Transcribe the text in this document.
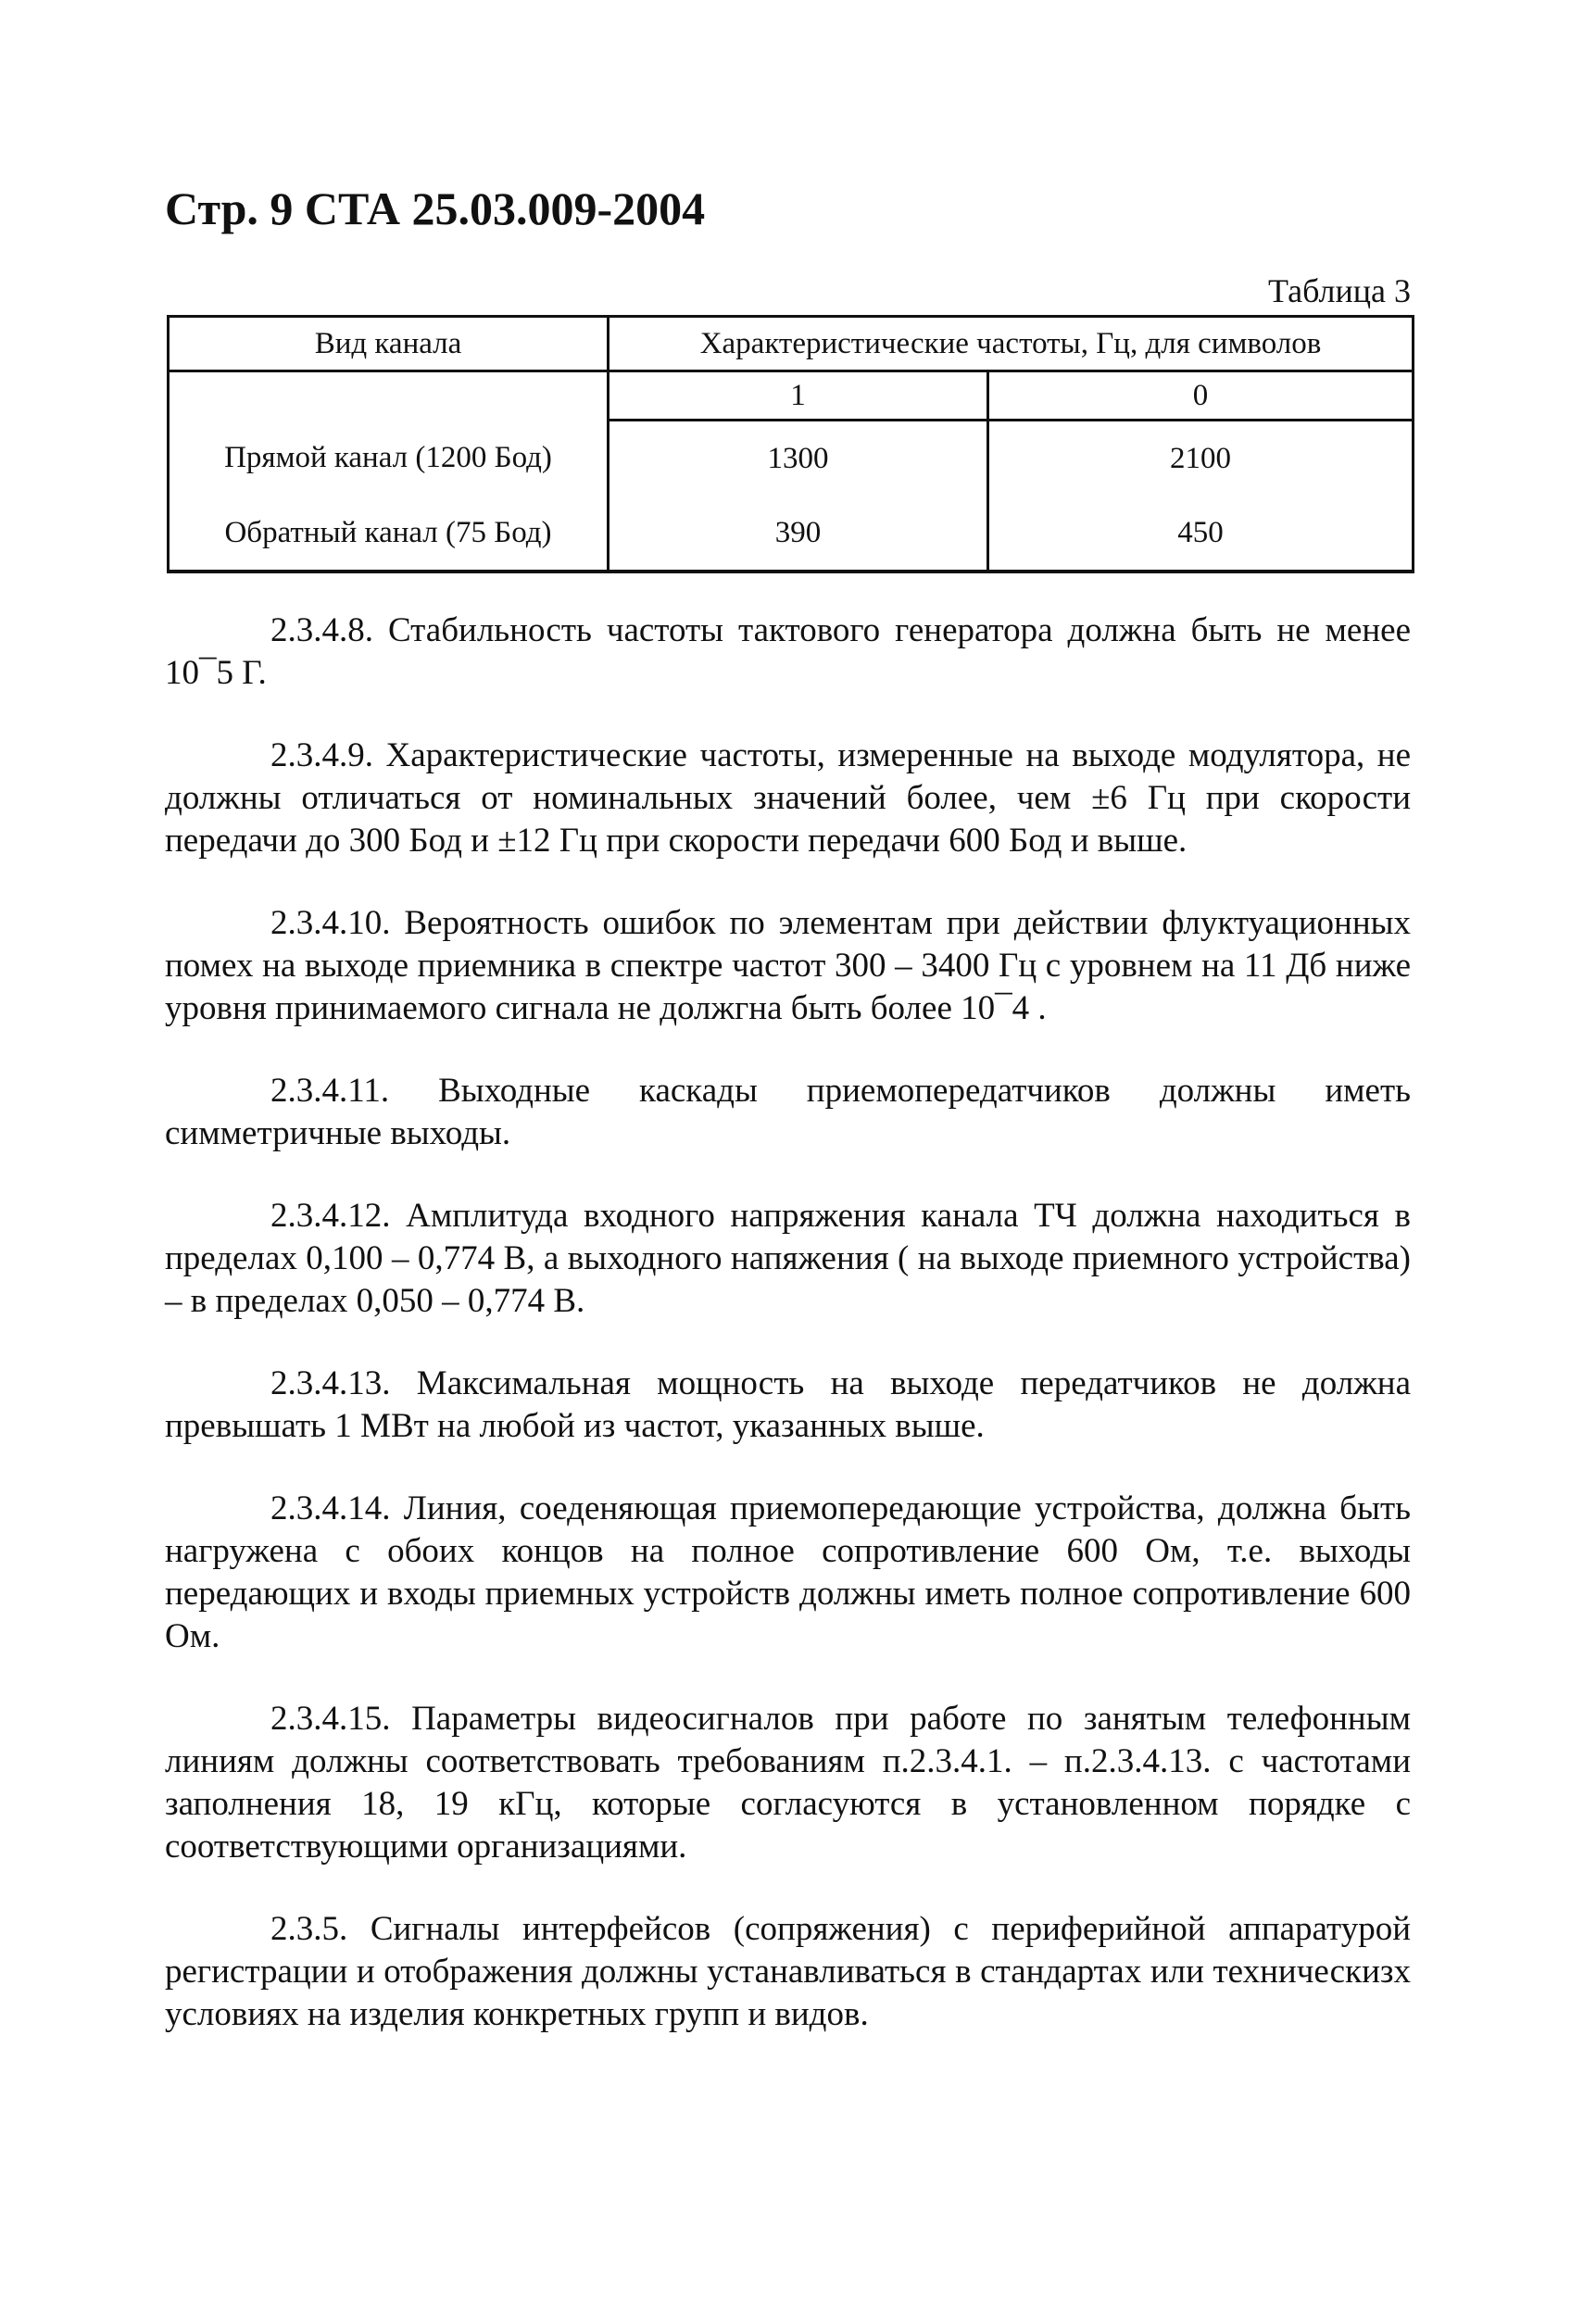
Стр. 9 СТА 25.03.009-2004
Таблица 3
Вид канала	Характеристические частоты, Гц, для символов	
	1	0
Прямой канал (1200 Бод)	1300	2100
Обратный канал (75 Бод)	390	450

2.3.4.8. Стабильность частоты тактового генератора должна быть не менее 10¯5 Г.

2.3.4.9. Характеристические частоты, измеренные на выходе модулятора, не должны отличаться от номинальных значений более, чем ±6 Гц при скорости передачи до 300 Бод и ±12 Гц при скорости передачи 600 Бод и выше.

2.3.4.10. Вероятность ошибок по элементам при действии флуктуационных помех на выходе приемника в спектре частот 300 – 3400 Гц с уровнем на 11 Дб ниже уровня принимаемого сигнала не должгна быть более 10¯4 .

2.3.4.11. Выходные каскады приемопередатчиков должны иметь симметричные выходы.

2.3.4.12. Амплитуда входного напряжения канала ТЧ должна находиться в пределах 0,100 – 0,774 В, а выходного напяжения ( на выходе приемного устройства) – в пределах 0,050 – 0,774 В.

2.3.4.13. Максимальная мощность на выходе передатчиков не должна превышать 1 МВт на любой из частот, указанных выше.

2.3.4.14. Линия, соеденяющая приемопередающие устройства, должна быть нагружена с обоих концов на полное сопротивление 600 Ом, т.е. выходы передающих и входы приемных устройств должны иметь полное сопротивление 600 Ом.

2.3.4.15. Параметры видеосигналов при работе по занятым телефонным линиям должны соответствовать требованиям п.2.3.4.1. – п.2.3.4.13. с частотами заполнения 18, 19 кГц, которые согласуются в установленном порядке с соответствующими организациями.

2.3.5. Сигналы интерфейсов (сопряжения) с периферийной аппаратурой регистрации и отображения должны устанавливаться в стандартах или техническизх условиях на изделия конкретных групп и видов.
